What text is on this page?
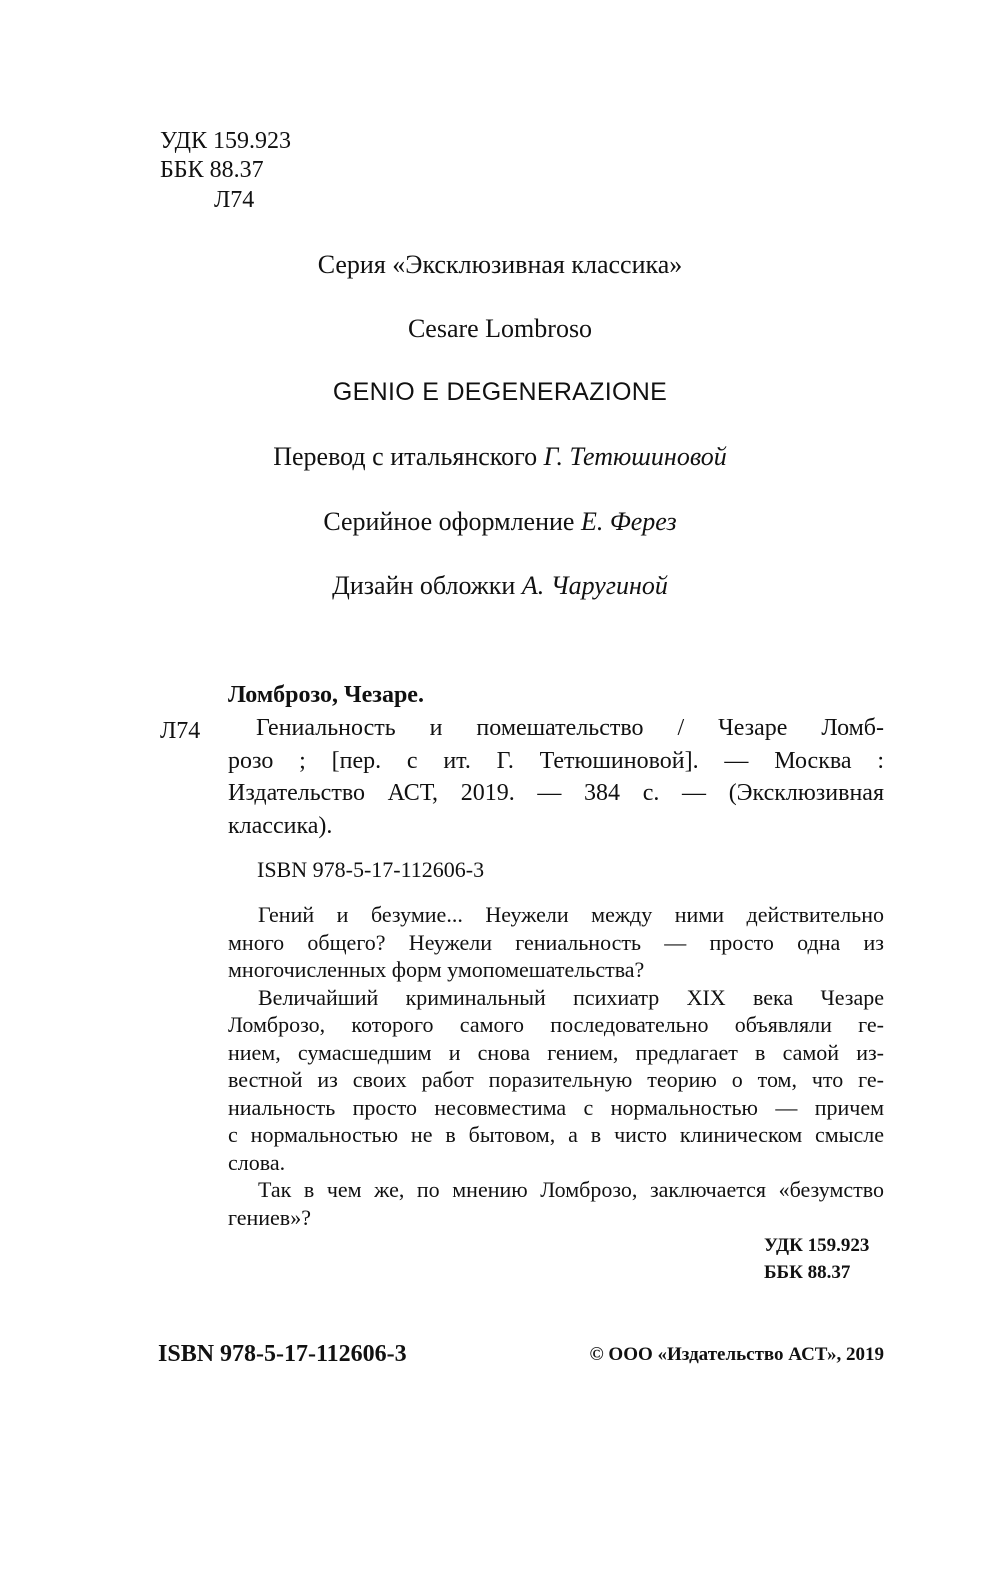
УДК 159.923
ББК 88.37
Л74
Серия «Эксклюзивная классика»
Cesare Lombroso
GENIO E DEGENERAZIONE
Перевод с итальянского Г. Тетюшиновой
Серийное оформление Е. Ферез
Дизайн обложки А. Чаругиной
Ломброзо, Чезаре.
Л74	Гениальность и помешательство / Чезаре Ломб-
розо ; [пер. с ит. Г. Тетюшиновой]. — Москва :
Издательство АСТ, 2019. — 384 с. — (Эксклюзивная
классика).
ISBN 978-5-17-112606-3
Гений и безумие... Неужели между ними действительно
много общего? Неужели гениальность — просто одна из
многочисленных форм умопомешательства?
Величайший криминальный психиатр XIX века Чезаре
Ломброзо, которого самого последовательно объявляли ге-
нием, сумасшедшим и снова гением, предлагает в самой из-
вестной из своих работ поразительную теорию о том, что ге-
ниальность просто несовместима с нормальностью — причем
с нормальностью не в бытовом, а в чисто клиническом смысле
слова.
Так в чем же, по мнению Ломброзо, заключается «безумство
гениев»?
УДК 159.923
ББК 88.37
ISBN 978-5-17-112606-3	© ООО «Издательство АСТ», 2019
